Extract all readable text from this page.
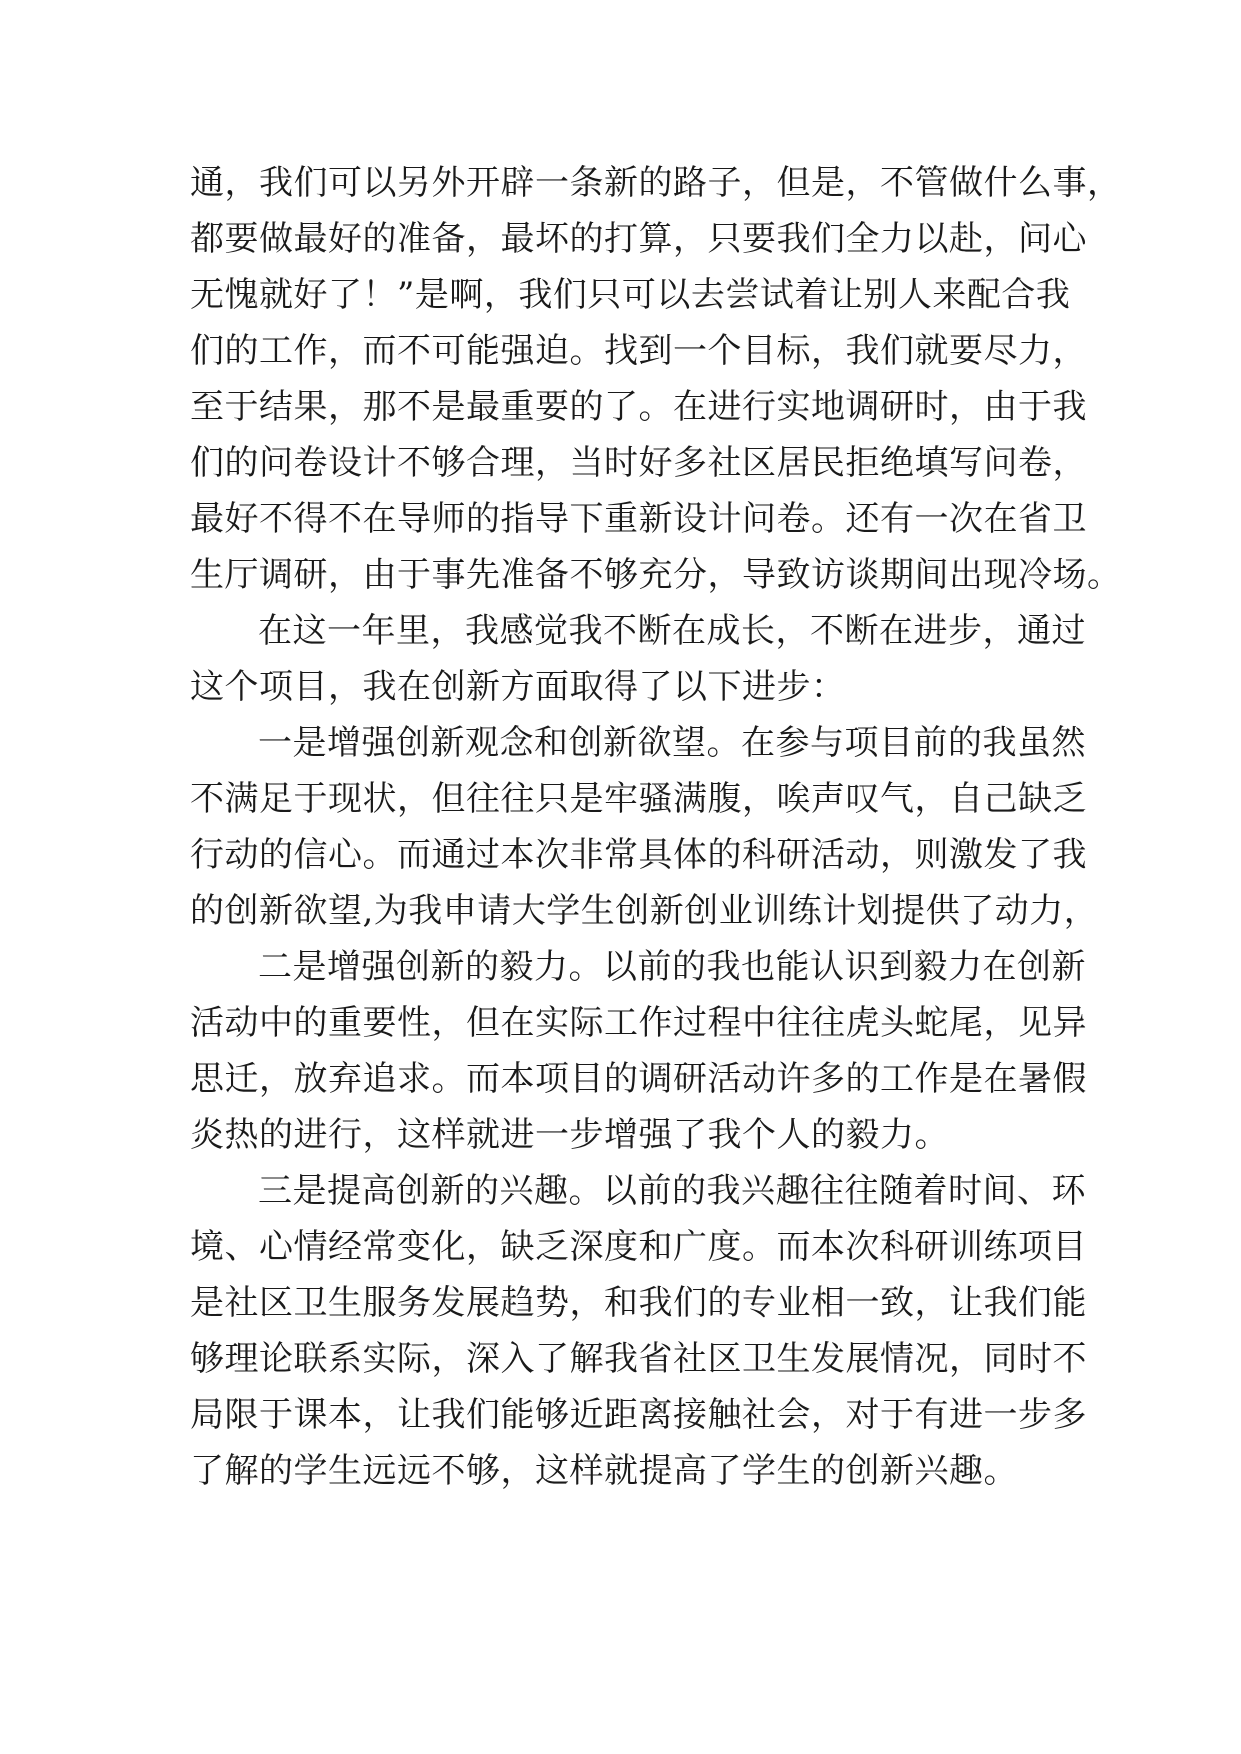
通，我们可以另外开辟一条新的路子，但是，不管做什么事，

都要做最好的准备，最坏的打算，只要我们全力以赴，问心

无愧就好了！”是啊，我们只可以去尝试着让别人来配合我

们的工作，而不可能强迫。找到一个目标，我们就要尽力，

至于结果，那不是最重要的了。在进行实地调研时，由于我

们的问卷设计不够合理，当时好多社区居民拒绝填写问卷，

最好不得不在导师的指导下重新设计问卷。还有一次在省卫

生厅调研，由于事先准备不够充分，导致访谈期间出现冷场。

在这一年里，我感觉我不断在成长，不断在进步，通过

这个项目，我在创新方面取得了以下进步：

一是增强创新观念和创新欲望。在参与项目前的我虽然

不满足于现状，但往往只是牢骚满腹，唉声叹气，自己缺乏

行动的信心。而通过本次非常具体的科研活动，则激发了我

的创新欲望,为我申请大学生创新创业训练计划提供了动力，

二是增强创新的毅力。以前的我也能认识到毅力在创新

活动中的重要性，但在实际工作过程中往往虎头蛇尾，见异

思迁，放弃追求。而本项目的调研活动许多的工作是在暑假

炎热的进行，这样就进一步增强了我个人的毅力。

三是提高创新的兴趣。以前的我兴趣往往随着时间、环

境、心情经常变化，缺乏深度和广度。而本次科研训练项目

是社区卫生服务发展趋势，和我们的专业相一致，让我们能

够理论联系实际，深入了解我省社区卫生发展情况，同时不

局限于课本，让我们能够近距离接触社会，对于有进一步多

了解的学生远远不够，这样就提高了学生的创新兴趣。
